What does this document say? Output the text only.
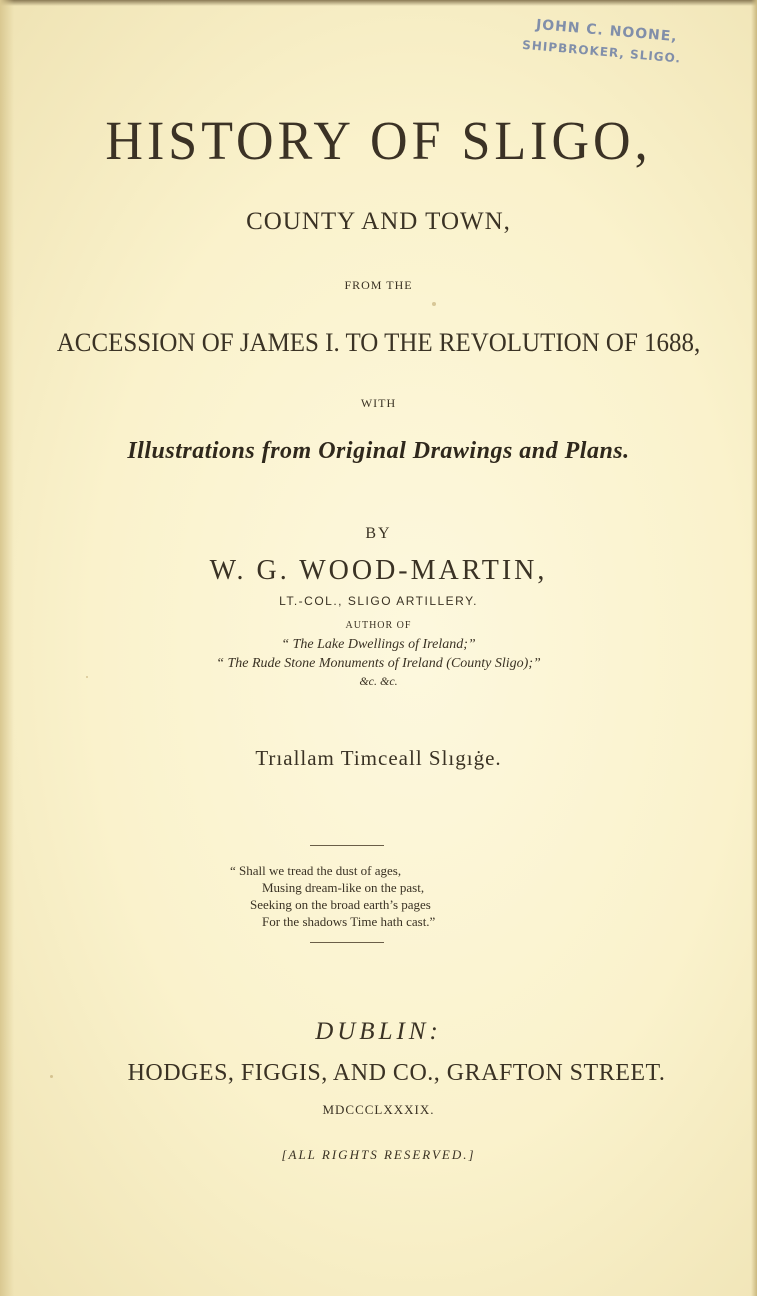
JOHN C. NOONE,
SHIPBROKER, SLIGO.
HISTORY OF SLIGO,
COUNTY AND TOWN,
FROM THE
ACCESSION OF JAMES I. TO THE REVOLUTION OF 1688,
WITH
Illustrations from Original Drawings and Plans.
BY
W. G. WOOD-MARTIN,
LT.-COL., SLIGO ARTILLERY.
AUTHOR OF
“ The Lake Dwellings of Ireland;”
“ The Rude Stone Monuments of Ireland (County Sligo);”
&c. &c.
Trıallam Timceall Slıgıġe.
“ Shall we tread the dust of ages,
Musing dream-like on the past,
Seeking on the broad earth’s pages
For the shadows Time hath cast.”
DUBLIN:
HODGES, FIGGIS, AND CO., GRAFTON STREET.
MDCCCLXXXIX.
[ALL RIGHTS RESERVED.]
